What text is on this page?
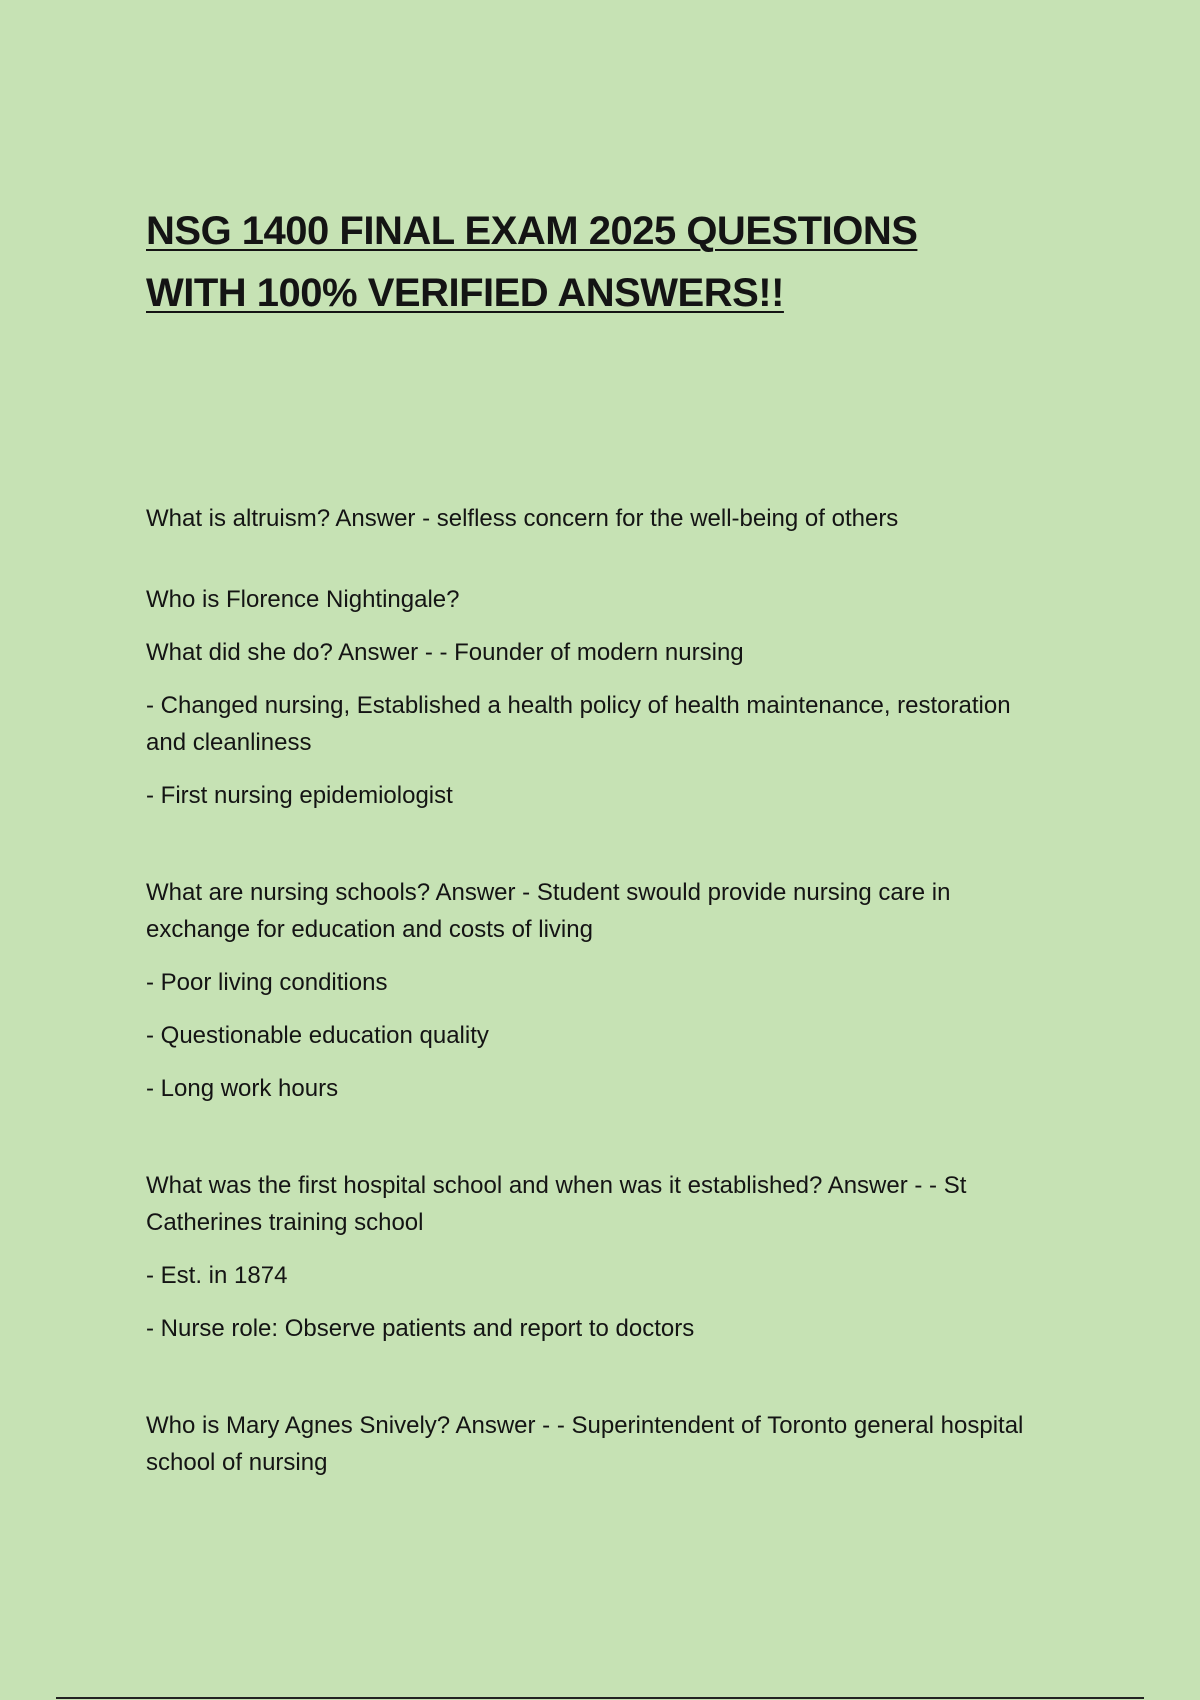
NSG 1400 FINAL EXAM 2025 QUESTIONS
WITH 100% VERIFIED ANSWERS!!

What is altruism? Answer - selfless concern for the well-being of others

Who is Florence Nightingale?

What did she do? Answer - - Founder of modern nursing

- Changed nursing, Established a health policy of health maintenance, restoration and cleanliness

- First nursing epidemiologist

What are nursing schools? Answer - Student swould provide nursing care in exchange for education and costs of living

- Poor living conditions

- Questionable education quality

- Long work hours

What was the first hospital school and when was it established? Answer - - St Catherines training school

- Est. in 1874

- Nurse role: Observe patients and report to doctors

Who is Mary Agnes Snively? Answer - - Superintendent of Toronto general hospital school of nursing
